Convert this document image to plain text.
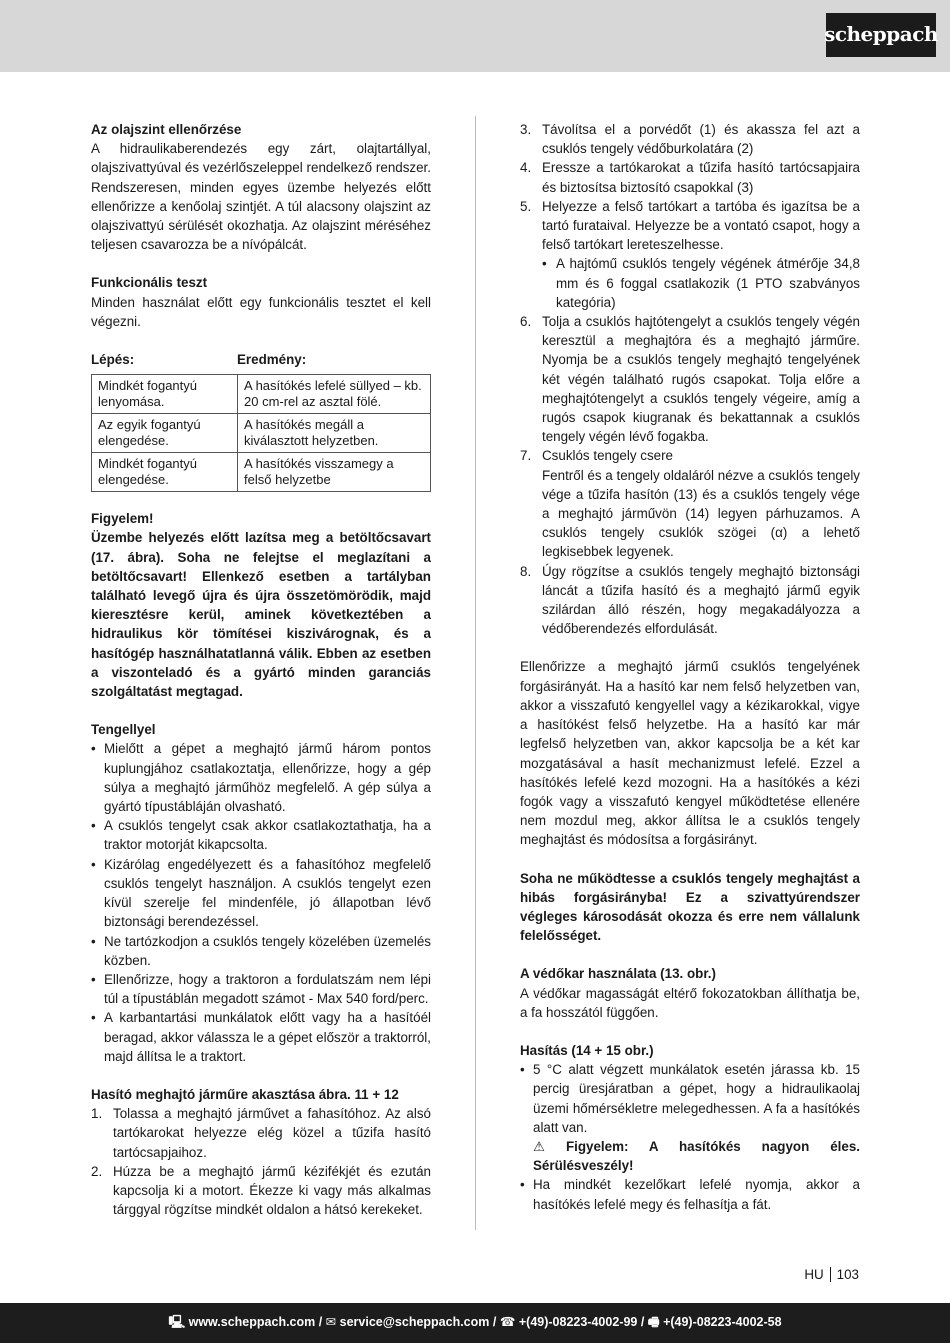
scheppach
Az olajszint ellenőrzése

A hidraulikaberendezés egy zárt, olajtartállyal, olajszivattyúval és vezérlőszeleppel rendelkező rendszer. Rendszeresen, minden egyes üzembe helyezés előtt ellenőrizze a kenőolaj szintjét. A túl alacsony olajszint az olajszivattyú sérülését okozhatja. Az olajszint méréséhez teljesen csavarozza be a nívópálcát.

Funkcionális teszt

Minden használat előtt egy funkcionális tesztet el kell végezni.

Lépés:	Eredmény:
Mindkét fogantyú lenyomása.	A hasítókés lefelé süllyed – kb. 20 cm-rel az asztal fölé.
Az egyik fogantyú elengedése.	A hasítókés megáll a kiválasztott helyzetben.
Mindkét fogantyú elengedése.	A hasítókés visszamegy a felső helyzetbe
Figyelem!

Üzembe helyezés előtt lazítsa meg a betöltőcsavart (17. ábra). Soha ne felejtse el meglazítani a betöltőcsavart! Ellenkező esetben a tartályban található levegő újra és újra összetömörödik, majd kieresztésre kerül, aminek következtében a hidraulikus kör tömítései kiszivárognak, és a hasítógép használhatatlanná válik. Ebben az esetben a viszonteladó és a gyártó minden garanciás szolgáltatást megtagad.

Tengellyel
• Mielőtt a gépet a meghajtó jármű három pontos kuplungjához csatlakoztatja, ellenőrizze, hogy a gép súlya a meghajtó járműhöz megfelelő. A gép súlya a gyártó típustábláján olvasható.
• A csuklós tengelyt csak akkor csatlakoztathatja, ha a traktor motorját kikapcsolta.
• Kizárólag engedélyezett és a fahasítóhoz megfelelő csuklós tengelyt használjon. A csuklós tengelyt ezen kívül szerelje fel mindenféle, jó állapotban lévő biztonsági berendezéssel.
• Ne tartózkodjon a csuklós tengely közelében üzemelés közben.
• Ellenőrizze, hogy a traktoron a fordulatszám nem lépi túl a típustáblán megadott számot - Max 540 ford/perc.
• A karbantartási munkálatok előtt vagy ha a hasítóél beragad, akkor válassza le a gépet először a traktorról, majd állítsa le a traktort.
Hasító meghajtó járműre akasztása ábra. 11 + 12
1. Tolassa a meghajtó járművet a fahasítóhoz. Az alsó tartókarokat helyezze elég közel a tűzifa hasító tartócsapjaihoz.
2. Húzza be a meghajtó jármű kézifékjét és ezután kapcsolja ki a motort. Ékezze ki vagy más alkalmas tárggyal rögzítse mindkét oldalon a hátsó kerekeket.
3. Távolítsa el a porvédőt (1) és akassza fel azt a csuklós tengely védőburkolatára (2)
4. Eressze a tartókarokat a tűzifa hasító tartócsapjaira és biztosítsa biztosító csapokkal (3)
5. Helyezze a felső tartókart a tartóba és igazítsa be a tartó furataival. Helyezze be a vontató csapot, hogy a felső tartókart lereteszelhesse.
• A hajtómű csuklós tengely végének átmérője 34,8 mm és 6 foggal csatlakozik (1 PTO szabványos kategória)
6. Tolja a csuklós hajtótengelyt a csuklós tengely végén keresztül a meghajtóra és a meghajtó járműre. Nyomja be a csuklós tengely meghajtó tengelyének két végén található rugós csapokat. Tolja előre a meghajtótengelyt a csuklós tengely végeire, amíg a rugós csapok kiugranak és bekattannak a csuklós tengely végén lévő fogakba.
7. Csuklós tengely csere
Fentről és a tengely oldaláról nézve a csuklós tengely vége a tűzifa hasítón (13) és a csuklós tengely vége a meghajtó járművön (14) legyen párhuzamos. A csuklós tengely csuklók szögei (α) a lehető legkisebbek legyenek.
8. Úgy rögzítse a csuklós tengely meghajtó biztonsági láncát a tűzifa hasító és a meghajtó jármű egyik szilárdan álló részén, hogy megakadályozza a védőberendezés elfordulását.

Ellenőrizze a meghajtó jármű csuklós tengelyének forgásirányát. Ha a hasító kar nem felső helyzetben van, akkor a visszafutó kengyellel vagy a kézikarokkal, vigye a hasítókést felső helyzetbe. Ha a hasító kar már legfelső helyzetben van, akkor kapcsolja be a két kar mozgatásával a hasít mechanizmust lefelé. Ezzel a hasítókés lefelé kezd mozogni. Ha a hasítókés a kézi fogók vagy a visszafutó kengyel működtetése ellenére nem mozdul meg, akkor állítsa le a csuklós tengely meghajtást és módosítsa a forgásirányt.

Soha ne működtesse a csuklós tengely meghajtást a hibás forgásirányba! Ez a szivattyúrendszer végleges károsodását okozza és erre nem vállalunk felelősséget.

A védőkar használata (13. obr.)

A védőkar magasságát eltérő fokozatokban állíthatja be, a fa hosszától függően.

Hasítás (14 + 15 obr.)
• 5 °C alatt végzett munkálatok esetén járassa kb. 15 percig üresjáratban a gépet, hogy a hidraulikaolaj üzemi hőmérsékletre melegedhessen. A fa a hasítókés alatt van.
⚠ Figyelem: A hasítókés nagyon éles. Sérülésveszély!
• Ha mindkét kezelőkart lefelé nyomja, akkor a hasítókés lefelé megy és felhasítja a fát.
HU 103
🖳 www.scheppach.com / ✉ service@scheppach.com / ☎ +(49)-08223-4002-99 / 🖷 +(49)-08223-4002-58
